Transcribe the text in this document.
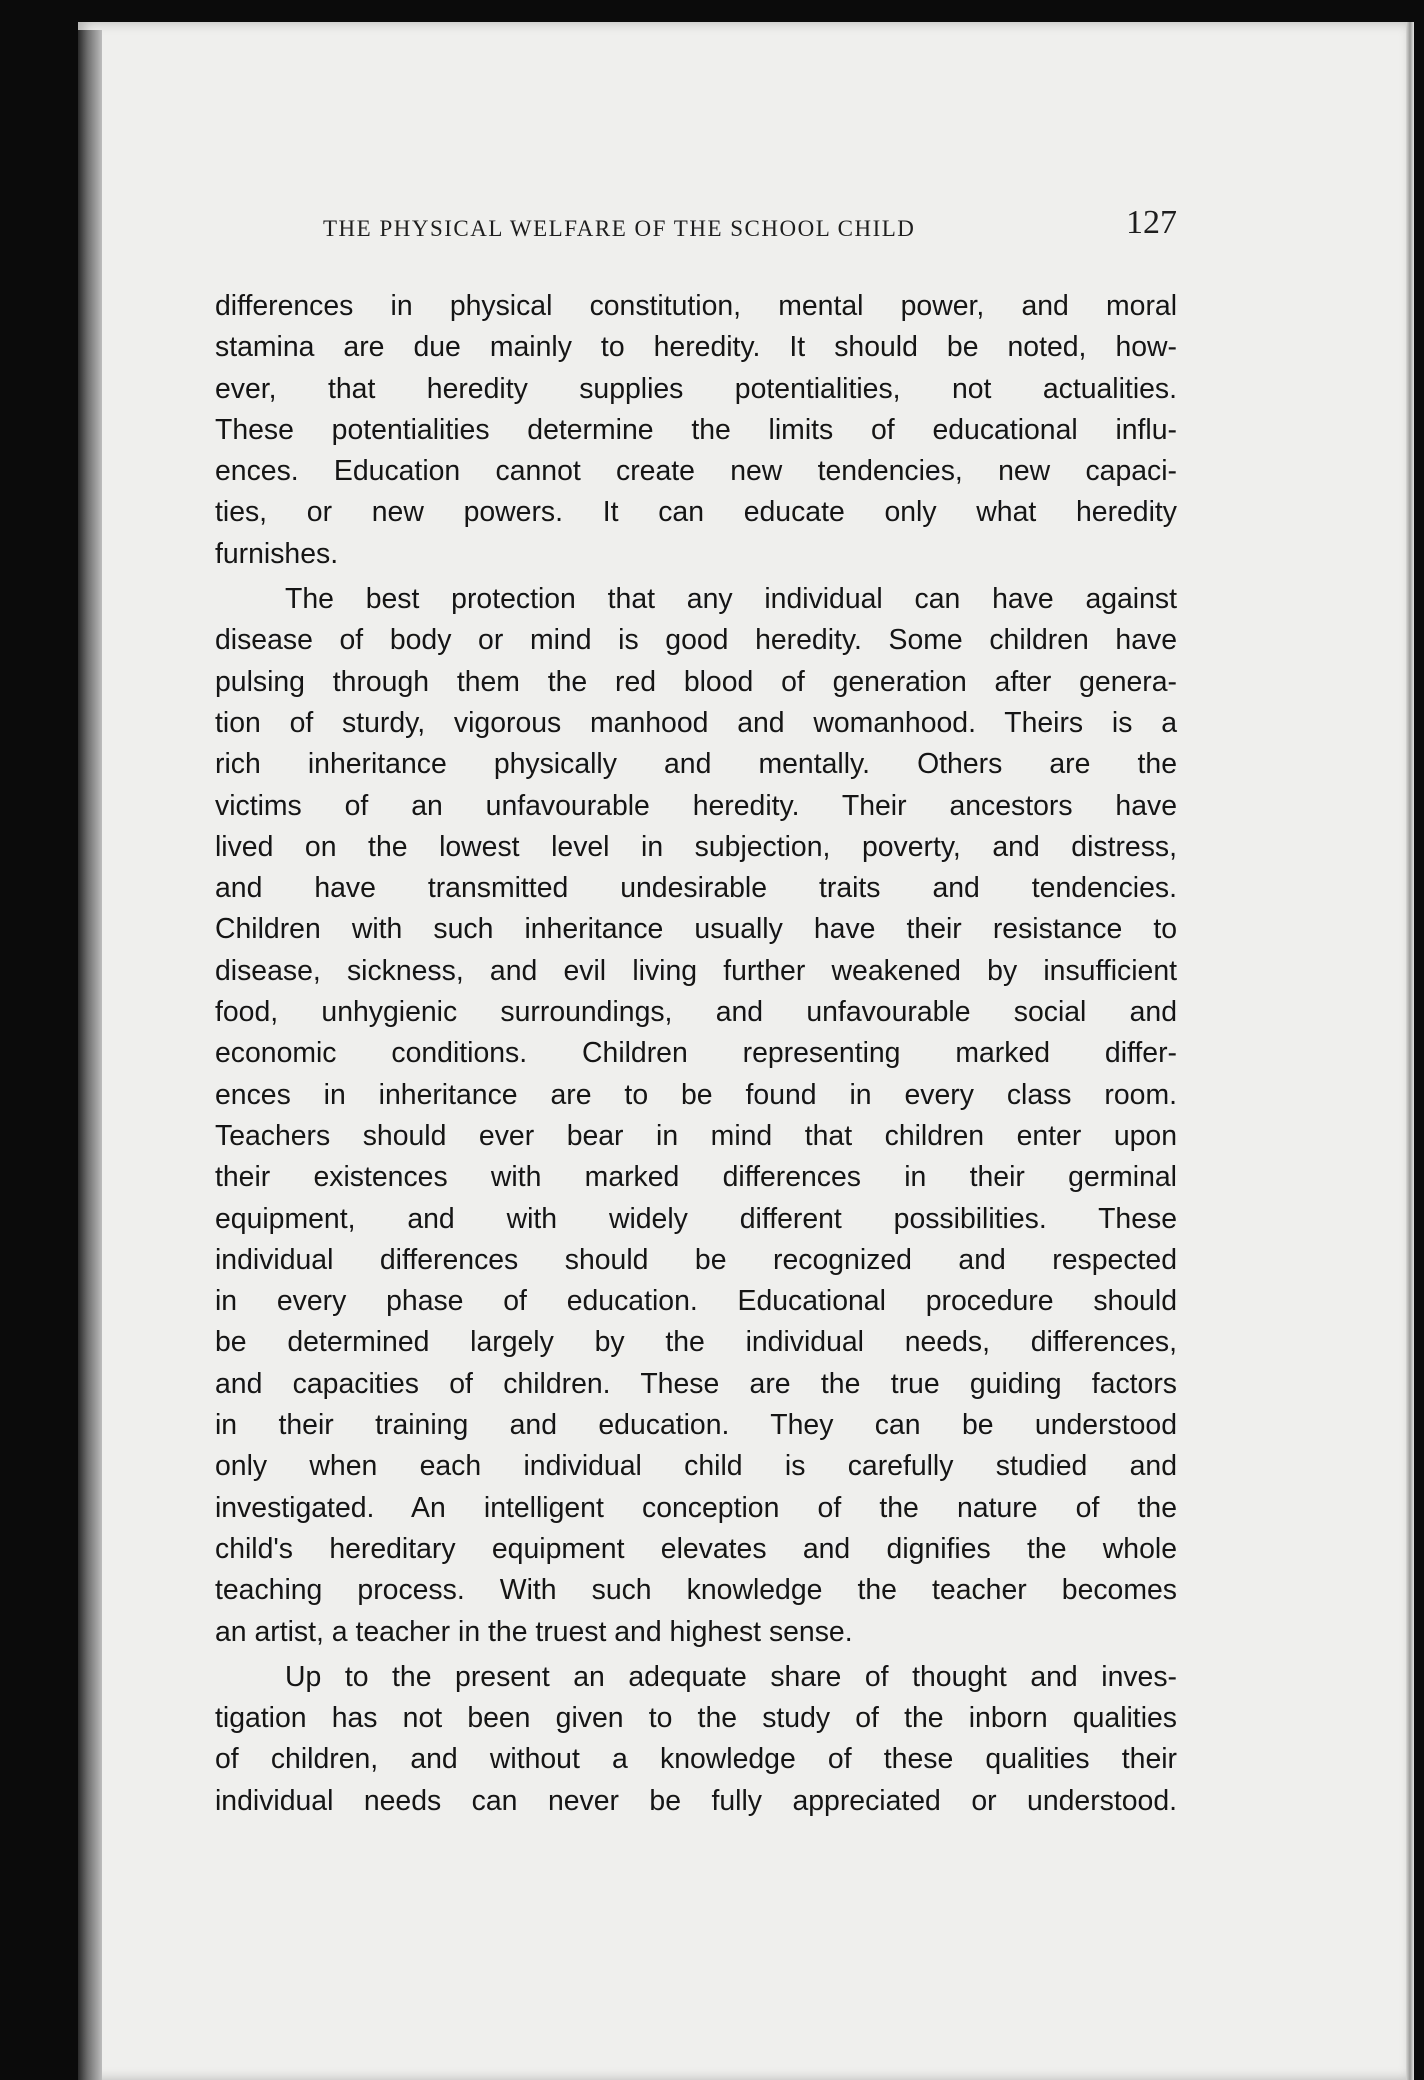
THE PHYSICAL WELFARE OF THE SCHOOL CHILD	127
differences in physical constitution, mental power, and moral
stamina are due mainly to heredity. It should be noted, how-
ever, that heredity supplies potentialities, not actualities.
These potentialities determine the limits of educational influ-
ences. Education cannot create new tendencies, new capaci-
ties, or new powers. It can educate only what heredity
furnishes.
The best protection that any individual can have against
disease of body or mind is good heredity. Some children have
pulsing through them the red blood of generation after genera-
tion of sturdy, vigorous manhood and womanhood. Theirs is a
rich inheritance physically and mentally. Others are the
victims of an unfavourable heredity. Their ancestors have
lived on the lowest level in subjection, poverty, and distress,
and have transmitted undesirable traits and tendencies.
Children with such inheritance usually have their resistance to
disease, sickness, and evil living further weakened by insufficient
food, unhygienic surroundings, and unfavourable social and
economic conditions. Children representing marked differ-
ences in inheritance are to be found in every class room.
Teachers should ever bear in mind that children enter upon
their existences with marked differences in their germinal
equipment, and with widely different possibilities. These
individual differences should be recognized and respected
in every phase of education. Educational procedure should
be determined largely by the individual needs, differences,
and capacities of children. These are the true guiding factors
in their training and education. They can be understood
only when each individual child is carefully studied and
investigated. An intelligent conception of the nature of the
child's hereditary equipment elevates and dignifies the whole
teaching process. With such knowledge the teacher becomes
an artist, a teacher in the truest and highest sense.
Up to the present an adequate share of thought and inves-
tigation has not been given to the study of the inborn qualities
of children, and without a knowledge of these qualities their
individual needs can never be fully appreciated or understood.
